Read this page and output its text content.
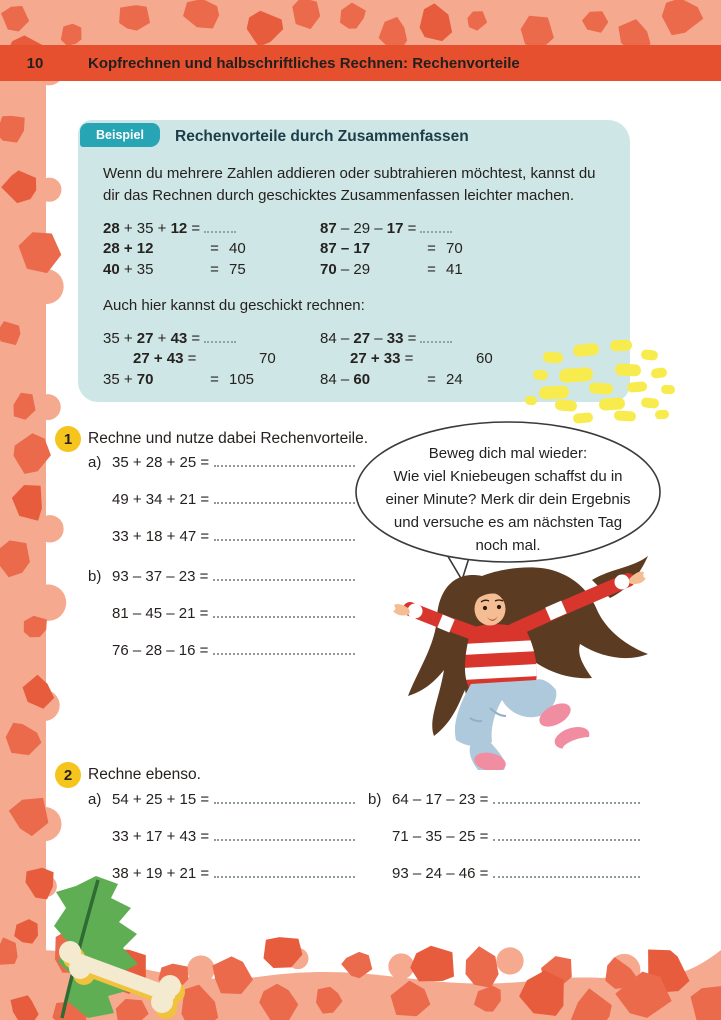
10	Kopfrechnen und halbschriftliches Rechnen: Rechenvorteile
Beispiel	Rechenvorteile durch Zusammenfassen
Wenn du mehrere Zahlen addieren oder subtrahieren möchtest, kannst du dir das Rechnen durch geschicktes Zusammenfassen leichter machen.
28 + 35 + 12 =
28 + 12	= 40
40 + 35	= 75
87 – 29 – 17 =
87 – 17	= 70
70 – 29	= 41
Auch hier kannst du geschickt rechnen:
35 + 27 + 43 =
27 + 43 =	70
35 + 70	= 105
84 – 27 – 33 =
27 + 33 =	60
84 – 60	= 24
1	Rechne und nutze dabei Rechenvorteile.
a) 35 + 28 + 25 =
49 + 34 + 21 =
33 + 18 + 47 =
b) 93 – 37 – 23 =
81 – 45 – 21 =
76 – 28 – 16 =
Beweg dich mal wieder:
Wie viel Kniebeugen schaffst du in
einer Minute? Merk dir dein Ergebnis
und versuche es am nächsten Tag
noch mal.
2	Rechne ebenso.
a) 54 + 25 + 15 =
33 + 17 + 43 =
38 + 19 + 21 =
b) 64 – 17 – 23 =
71 – 35 – 25 =
93 – 24 – 46 =
